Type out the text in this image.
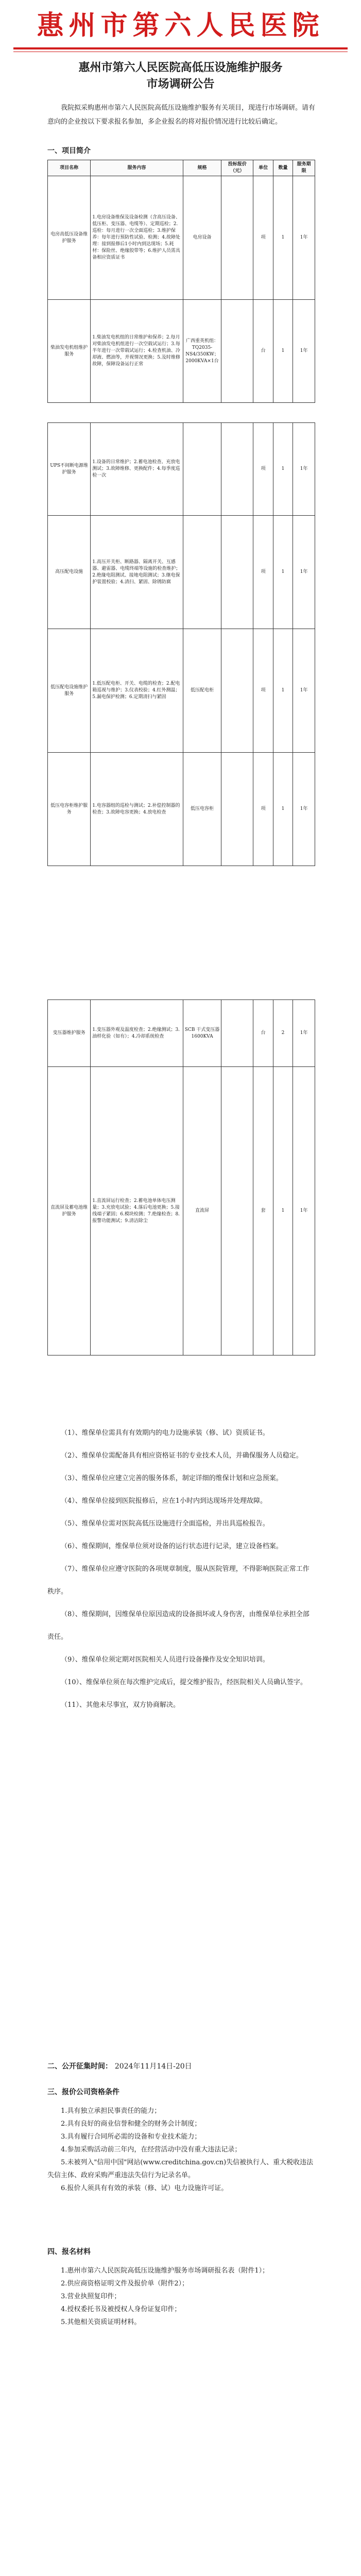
惠州市第六人民医院
惠州市第六人民医院高低压设施维护服务
市场调研公告
我院拟采购惠州市第六人民医院高低压设施维护服务有关项目，现进行市场调研。请有意向的企业按以下要求报名参加，多企业报名的将对报价情况进行比较后确定。
一、项目简介
项目名称	服务内容	规格	投标报价（元）	单位	数量	服务期限
电房高低压设备维护服务	1.电房设备维保及设备检测（含高压设备、低压柜、变压器、电缆等）、定期巡检；2.巡检：每月进行一次全面巡检；3.维护保养：每年进行预防性试验、检测；4.故障处理：接到报修后1小时内到达现场；5.耗材：保险丝、绝缘胶带等；6.维护人员需具备相应资质证书	电房设备		项	1	1年
柴油发电机组维护服务	1.柴油发电机组的日常维护和保养；2.每月对柴油发电机组进行一次空载试运行；3.每半年进行一次带载试运行；4.检查机油、冷却液、燃油等，并视情况更换；5.及时维修故障，保障设备运行正常	广西重英机组：TQ2035-NS4/350KW；2000KVA×1台		台	1	1年
UPS不间断电源维护服务	1.设备的日常维护；2.蓄电池检查、充放电测试；3.故障维修、更换配件；4.每季度巡检一次			项	1	1年
高压配电设施	1.高压开关柜、断路器、隔离开关、互感器、避雷器、电缆终端等设施的检查维护；2.绝缘电阻测试、接地电阻测试；3.继电保护装置校验；4.清扫、紧固、除锈防腐			项	1	1年
低压配电设施维护服务	1.低压配电柜、开关、电缆的检查；2.配电箱巡视与维护；3.仪表校验；4.红外测温；5.漏电保护检测；6.定期清扫与紧固	低压配电柜		项	1	1年
低压电容柜维护服务	1.电容器组的巡检与测试；2.补偿控制器的检查；3.故障电容更换；4.放电检查	低压电容柜		项	1	1年
变压器维护服务	1.变压器外观及温度检查；2.绝缘测试；3.油样化验（如有）；4.冷却系统检查	SCB 干式变压器 1600KVA		台	2	1年
直流屏及蓄电池维护服务	1.直流屏运行检查；2.蓄电池单体电压测量；3.充放电试验；4.落后电池更换；5.接线端子紧固；6.模块检测；7.绝缘检查；8.报警功能测试；9.清洁除尘	直流屏		套	1	1年
（1）、维保单位需具有有效期内的电力设施承装（修、试）资质证书。
（2）、维保单位需配备具有相应资格证书的专业技术人员，并确保服务人员稳定。
（3）、维保单位应建立完善的服务体系，制定详细的维保计划和应急预案。
（4）、维保单位接到医院报修后，应在1小时内到达现场并处理故障。
（5）、维保单位需对医院高低压设施进行全面巡检，并出具巡检报告。
（6）、维保期间，维保单位须对设备的运行状态进行记录，建立设备档案。
（7）、维保单位应遵守医院的各项规章制度，服从医院管理，不得影响医院正常工作秩序。
（8）、维保期间，因维保单位原因造成的设备损坏或人身伤害，由维保单位承担全部责任。
（9）、维保单位须定期对医院相关人员进行设备操作及安全知识培训。
（10）、维保单位须在每次维护完成后，提交维护报告，经医院相关人员确认签字。
（11）、其他未尽事宜，双方协商解决。
二、公开征集时间： 2024年11月14日-20日
三、报价公司资格条件
1.具有独立承担民事责任的能力；
2.具有良好的商业信誉和健全的财务会计制度；
3.具有履行合同所必需的设备和专业技术能力；
4.参加采购活动前三年内，在经营活动中没有重大违法记录；
5.未被列入"信用中国"网站(www.creditchina.gov.cn)失信被执行人、重大税收违法失信主体、政府采购严重违法失信行为记录名单。
6.报价人须具有有效的承装（修、试）电力设施许可证。
四、报名材料
1.惠州市第六人民医院高低压设施维护服务市场调研报名表（附件1）；
2.供应商资格证明文件及报价单（附件2）；
3.营业执照复印件；
4.授权委托书及被授权人身份证复印件；
5.其他相关资质证明材料。
